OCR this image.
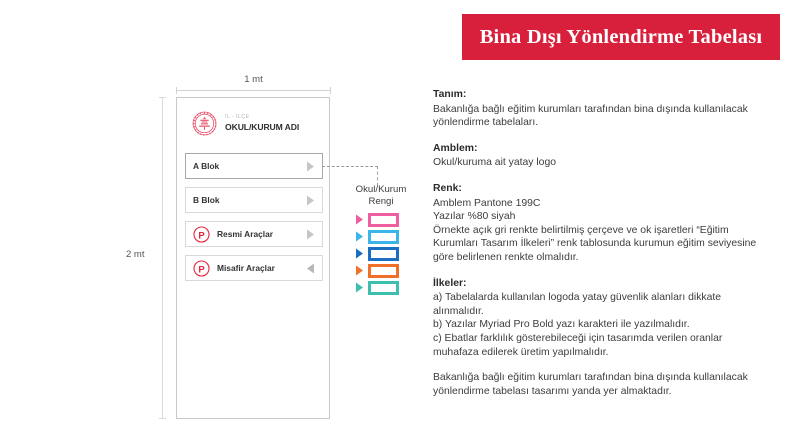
Bina Dışı Yönlendirme Tabelası
1 mt
2 mt
İL - İLÇE
OKUL/KURUM ADI
A Blok
B Blok
P Resmi Araçlar
P Misafir Araçlar
Okul/Kurum
Rengi
Tanım:

Bakanlığa bağlı eğitim kurumları tarafından bina dışında kullanılacak yönlendirme tabelaları.

Amblem:

Okul/kuruma ait yatay logo

Renk:
Amblem Pantone 199C
Yazılar %80 siyah

Örnekte açık gri renkte belirtilmiş çerçeve ve ok işaretleri “Eğitim Kurumları Tasarım İlkeleri” renk tablosunda kurumun eğitim seviyesine göre belirlenen renkte olmalıdır.

İlkeler:

a) Tabelalarda kullanılan logoda yatay güvenlik alanları dikkate alınmalıdır.

b) Yazılar Myriad Pro Bold yazı karakteri ile yazılmalıdır.

c) Ebatlar farklılık gösterebileceği için tasarımda verilen oranlar muhafaza edilerek üretim yapılmalıdır.

Bakanlığa bağlı eğitim kurumları tarafından bina dışında kullanılacak yönlendirme tabelası tasarımı yanda yer almaktadır.
